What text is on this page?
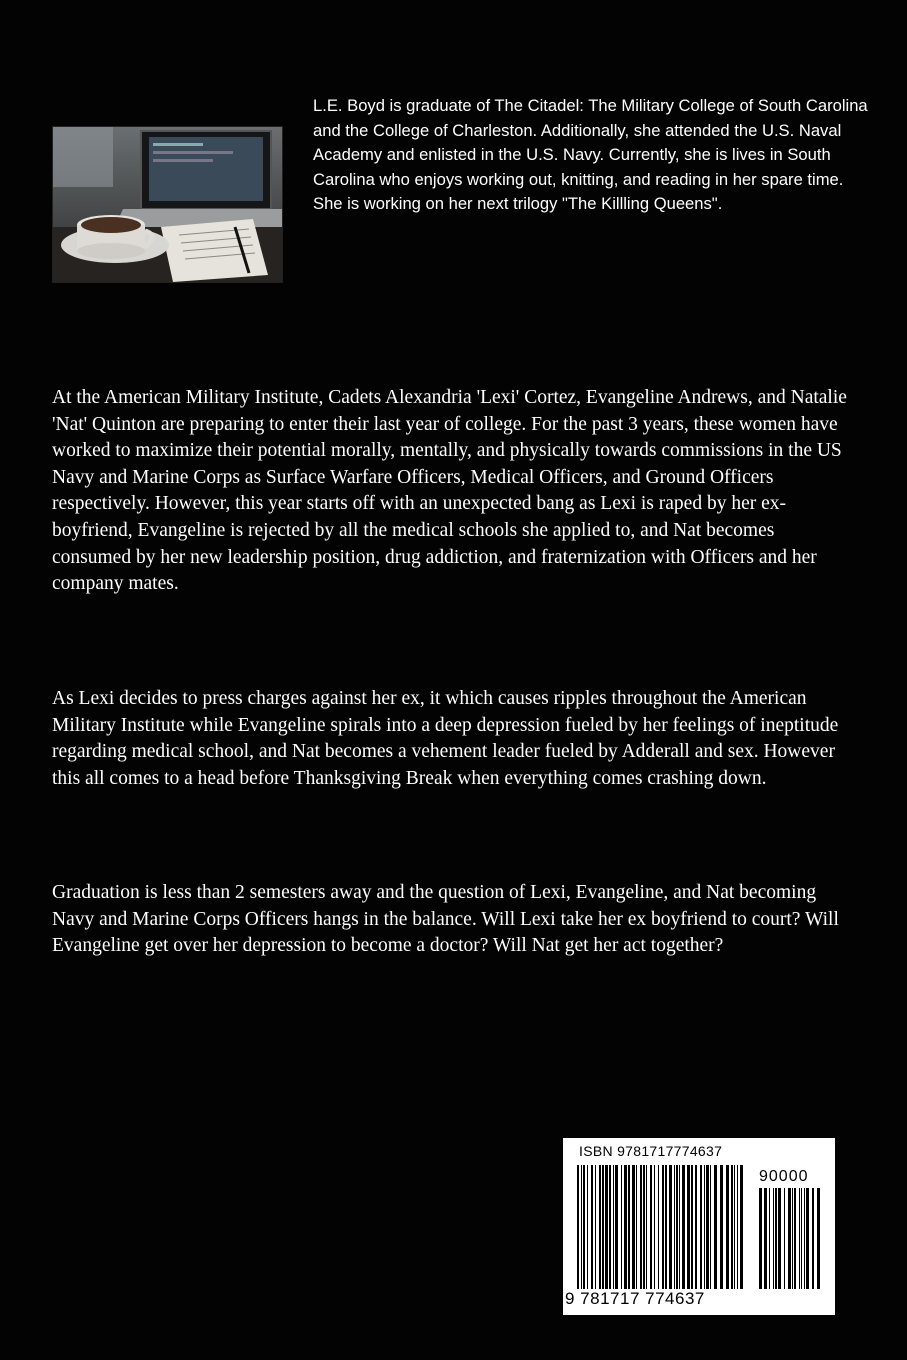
L.E. Boyd is graduate of The Citadel: The Military College of South Carolina and the College of Charleston. Additionally, she attended the U.S. Naval Academy and enlisted in the U.S. Navy. Currently, she is lives in South Carolina who enjoys working out, knitting, and reading in her spare time. She is working on her next trilogy "The Killling Queens".

At the American Military Institute, Cadets Alexandria 'Lexi' Cortez, Evangeline Andrews, and Natalie 'Nat' Quinton are preparing to enter their last year of college. For the past 3 years, these women have worked to maximize their potential morally, mentally, and physically towards commissions in the US Navy and Marine Corps as Surface Warfare Officers, Medical Officers, and Ground Officers respectively. However, this year starts off with an unexpected bang as Lexi is raped by her ex-boyfriend, Evangeline is rejected by all the medical schools she applied to, and Nat becomes consumed by her new leadership position, drug addiction, and fraternization with Officers and her company mates.

As Lexi decides to press charges against her ex, it which causes ripples throughout the American Military Institute while Evangeline spirals into a deep depression fueled by her feelings of ineptitude regarding medical school, and Nat becomes a vehement leader fueled by Adderall and sex. However this all comes to a head before Thanksgiving Break when everything comes crashing down.

Graduation is less than 2 semesters away and the question of Lexi, Evangeline, and Nat becoming Navy and Marine Corps Officers hangs in the balance. Will Lexi take her ex boyfriend to court? Will Evangeline get over her depression to become a doctor? Will Nat get her act together?

ISBN 9781717774637
90000
9 781717 774637
